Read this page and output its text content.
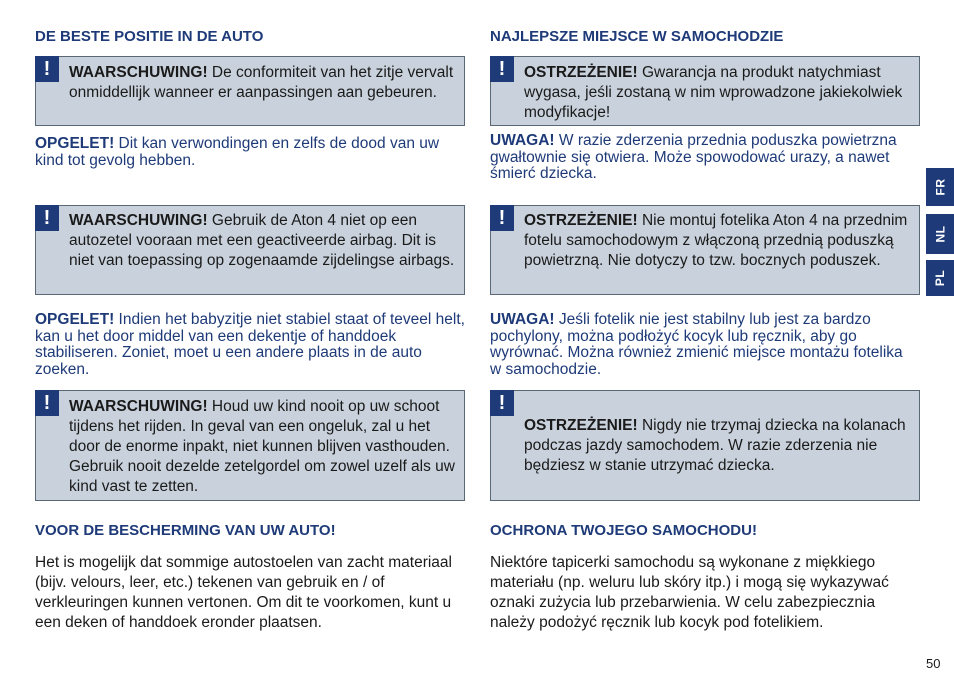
DE BESTE POSITIE IN DE AUTO
!	WAARSCHUWING! De conformiteit van het zitje vervalt onmiddellijk wanneer er aanpassingen aan gebeuren.
OPGELET! Dit kan verwondingen en zelfs de dood van uw kind tot gevolg hebben.
!	WAARSCHUWING! Gebruik de Aton 4 niet op een autozetel vooraan met een geactiveerde airbag. Dit is niet van toepassing op zogenaamde zijdelingse airbags.
OPGELET! Indien het babyzitje niet stabiel staat of teveel helt, kan u het door middel van een dekentje of handdoek stabiliseren. Zoniet, moet u een andere plaats in de auto zoeken.
!	WAARSCHUWING! Houd uw kind nooit op uw schoot tijdens het rijden. In geval van een ongeluk, zal u het door de enorme inpakt, niet kunnen blijven vasthouden. Gebruik nooit dezelde zetelgordel om zowel uzelf als uw kind vast te zetten.
VOOR DE BESCHERMING VAN UW AUTO!
Het is mogelijk dat sommige autostoelen van zacht materiaal (bijv. velours, leer, etc.) tekenen van gebruik en / of verkleuringen kunnen vertonen. Om dit te voorkomen, kunt u een deken of handdoek eronder plaatsen.
NAJLEPSZE MIEJSCE W SAMOCHODZIE
!	OSTRZEŻENIE! Gwarancja na produkt natychmiast wygasa, jeśli zostaną w nim wprowadzone jakiekolwiek modyfikacje!
UWAGA! W razie zderzenia przednia poduszka powietrzna gwałtownie się otwiera. Może spowodować urazy, a nawet śmierć dziecka.
!	OSTRZEŻENIE! Nie montuj fotelika Aton 4 na przednim fotelu samochodowym z włączoną przednią poduszką powietrzną. Nie dotyczy to tzw. bocznych poduszek.
UWAGA! Jeśli fotelik nie jest stabilny lub jest za bardzo pochylony, można podłożyć kocyk lub ręcznik, aby go wyrównać. Można również zmienić miejsce montażu fotelika w samochodzie.
!
OSTRZEŻENIE! Nigdy nie trzymaj dziecka na kolanach podczas jazdy samochodem. W razie zderzenia nie będziesz w stanie utrzymać dziecka.
OCHRONA TWOJEGO SAMOCHODU!
Niektóre tapicerki samochodu są wykonane z miękkiego materiału (np. weluru lub skóry itp.) i mogą się wykazywać oznaki zużycia lub przebarwienia. W celu zabezpiecznia należy podożyć ręcznik lub kocyk pod fotelikiem.
FR
NL
PL
50
